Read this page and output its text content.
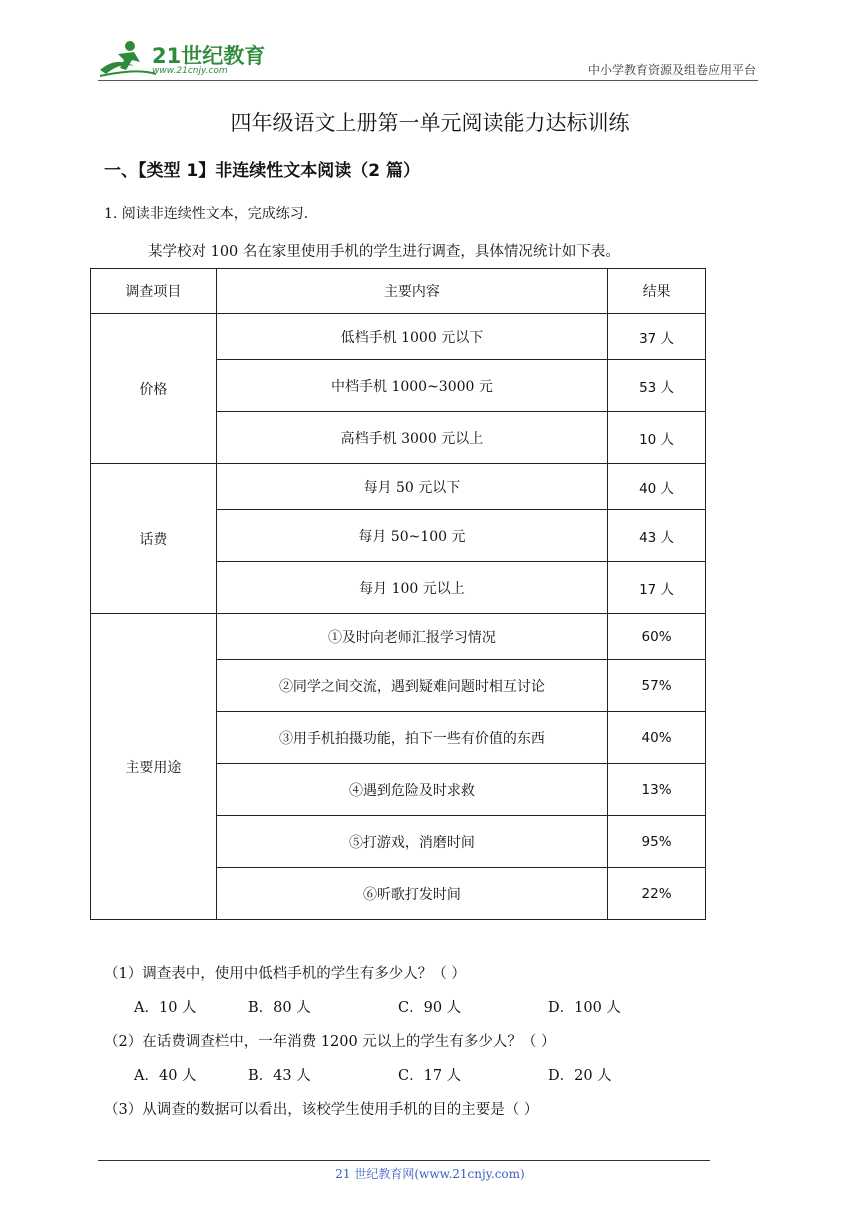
21世纪教育
www.21cnjy.com	中小学教育资源及组卷应用平台
四年级语文上册第一单元阅读能力达标训练
一、【类型 1】非连续性文本阅读（2 篇）
1. 阅读非连续性文本，完成练习.
某学校对 100 名在家里使用手机的学生进行调查，具体情况统计如下表。
调查项目	主要内容	结果
价格	低档手机 1000 元以下	37 人
	中档手机 1000~3000 元	53 人
	高档手机 3000 元以上	10 人
话费	每月 50 元以下	40 人
	每月 50~100 元	43 人
	每月 100 元以上	17 人
主要用途	①及时向老师汇报学习情况	60%
	②同学之间交流，遇到疑难问题时相互讨论	57%
	③用手机拍摄功能，拍下一些有价值的东西	40%
	④遇到危险及时求救	13%
	⑤打游戏，消磨时间	95%
	⑥听歌打发时间	22%
（1）调查表中，使用中低档手机的学生有多少人？（ ）
A．10 人	B．80 人	C．90 人	D．100 人
（2）在话费调查栏中，一年消费 1200 元以上的学生有多少人？（ ）
A．40 人	B．43 人	C．17 人	D．20 人
（3）从调查的数据可以看出，该校学生使用手机的目的主要是（ ）
21 世纪教育网(www.21cnjy.com)
